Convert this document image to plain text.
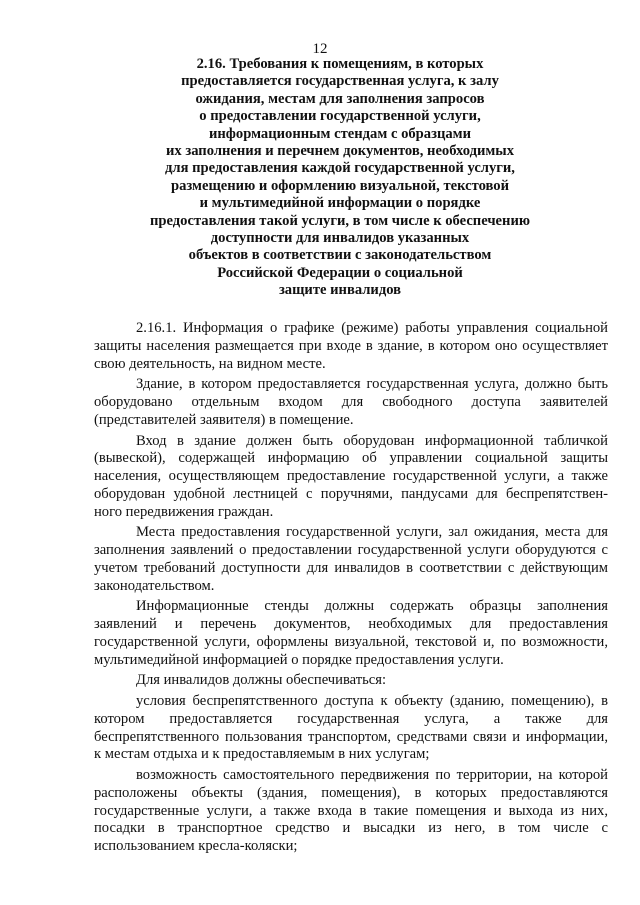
12
2.16. Требования к помещениям, в которых
предоставляется государственная услуга, к залу
ожидания, местам для заполнения запросов
о предоставлении государственной услуги,
информационным стендам с образцами
их заполнения и перечнем документов, необходимых
для предоставления каждой государственной услуги,
размещению и оформлению визуальной, текстовой
и мультимедийной информации о порядке
предоставления такой услуги, в том числе к обеспечению
доступности для инвалидов указанных
объектов в соответствии с законодательством
Российской Федерации о социальной
защите инвалидов

2.16.1. Информация о графике (режиме) работы управления социальной
защиты населения размещается при входе в здание, в котором оно осуществляет
свою деятельность, на видном месте.

Здание, в котором предоставляется государственная услуга, должно быть
оборудовано отдельным входом для свободного доступа заявителей
(представителей заявителя) в помещение.

Вход в здание должен быть оборудован информационной табличкой
(вывеской), содержащей информацию об управлении социальной защиты
населения, осуществляющем предоставление государственной услуги, а также
оборудован удобной лестницей с поручнями, пандусами для беспрепятствен-
ного передвижения граждан.

Места предоставления государственной услуги, зал ожидания, места для
заполнения заявлений о предоставлении государственной услуги оборудуются с
учетом требований доступности для инвалидов в соответствии с действующим
законодательством.

Информационные стенды должны содержать образцы заполнения
заявлений и перечень документов, необходимых для предоставления
государственной услуги, оформлены визуальной, текстовой и, по возможности,
мультимедийной информацией о порядке предоставления услуги.

Для инвалидов должны обеспечиваться:

условия беспрепятственного доступа к объекту (зданию, помещению), в
котором предоставляется государственная услуга, а также для
беспрепятственного пользования транспортом, средствами связи и информации,
к местам отдыха и к предоставляемым в них услугам;

возможность самостоятельного передвижения по территории, на которой
расположены объекты (здания, помещения), в которых предоставляются
государственные услуги, а также входа в такие помещения и выхода из них,
посадки в транспортное средство и высадки из него, в том числе с
использованием кресла-коляски;
